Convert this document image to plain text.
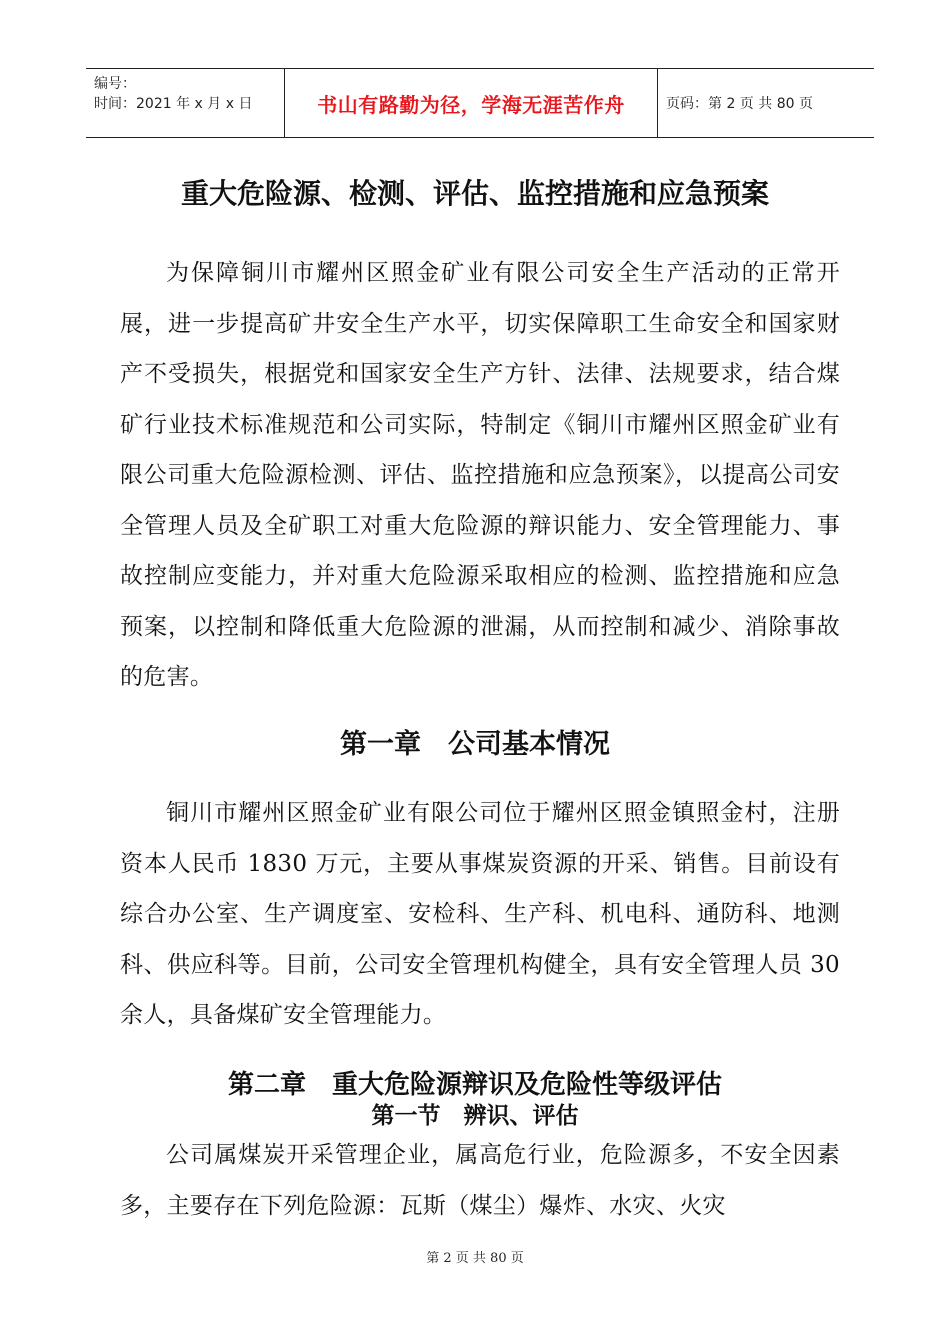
编号：
时间：2021 年 x 月 x 日	书山有路勤为径，学海无涯苦作舟	页码：第 2 页 共 80 页
重大危险源、检测、评估、监控措施和应急预案
为保障铜川市耀州区照金矿业有限公司安全生产活动的正常开展，进一步提高矿井安全生产水平，切实保障职工生命安全和国家财产不受损失，根据党和国家安全生产方针、法律、法规要求，结合煤矿行业技术标准规范和公司实际，特制定《铜川市耀州区照金矿业有限公司重大危险源检测、评估、监控措施和应急预案》，以提高公司安全管理人员及全矿职工对重大危险源的辩识能力、安全管理能力、事故控制应变能力，并对重大危险源采取相应的检测、监控措施和应急预案，以控制和降低重大危险源的泄漏，从而控制和减少、消除事故的危害。
第一章　公司基本情况
铜川市耀州区照金矿业有限公司位于耀州区照金镇照金村，注册资本人民币 1830 万元，主要从事煤炭资源的开采、销售。目前设有综合办公室、生产调度室、安检科、生产科、机电科、通防科、地测科、供应科等。目前，公司安全管理机构健全，具有安全管理人员 30 余人，具备煤矿安全管理能力。
第二章　重大危险源辩识及危险性等级评估
第一节　辨识、评估
公司属煤炭开采管理企业，属高危行业，危险源多，不安全因素多，主要存在下列危险源：瓦斯（煤尘）爆炸、水灾、火灾
第 2 页 共 80 页
